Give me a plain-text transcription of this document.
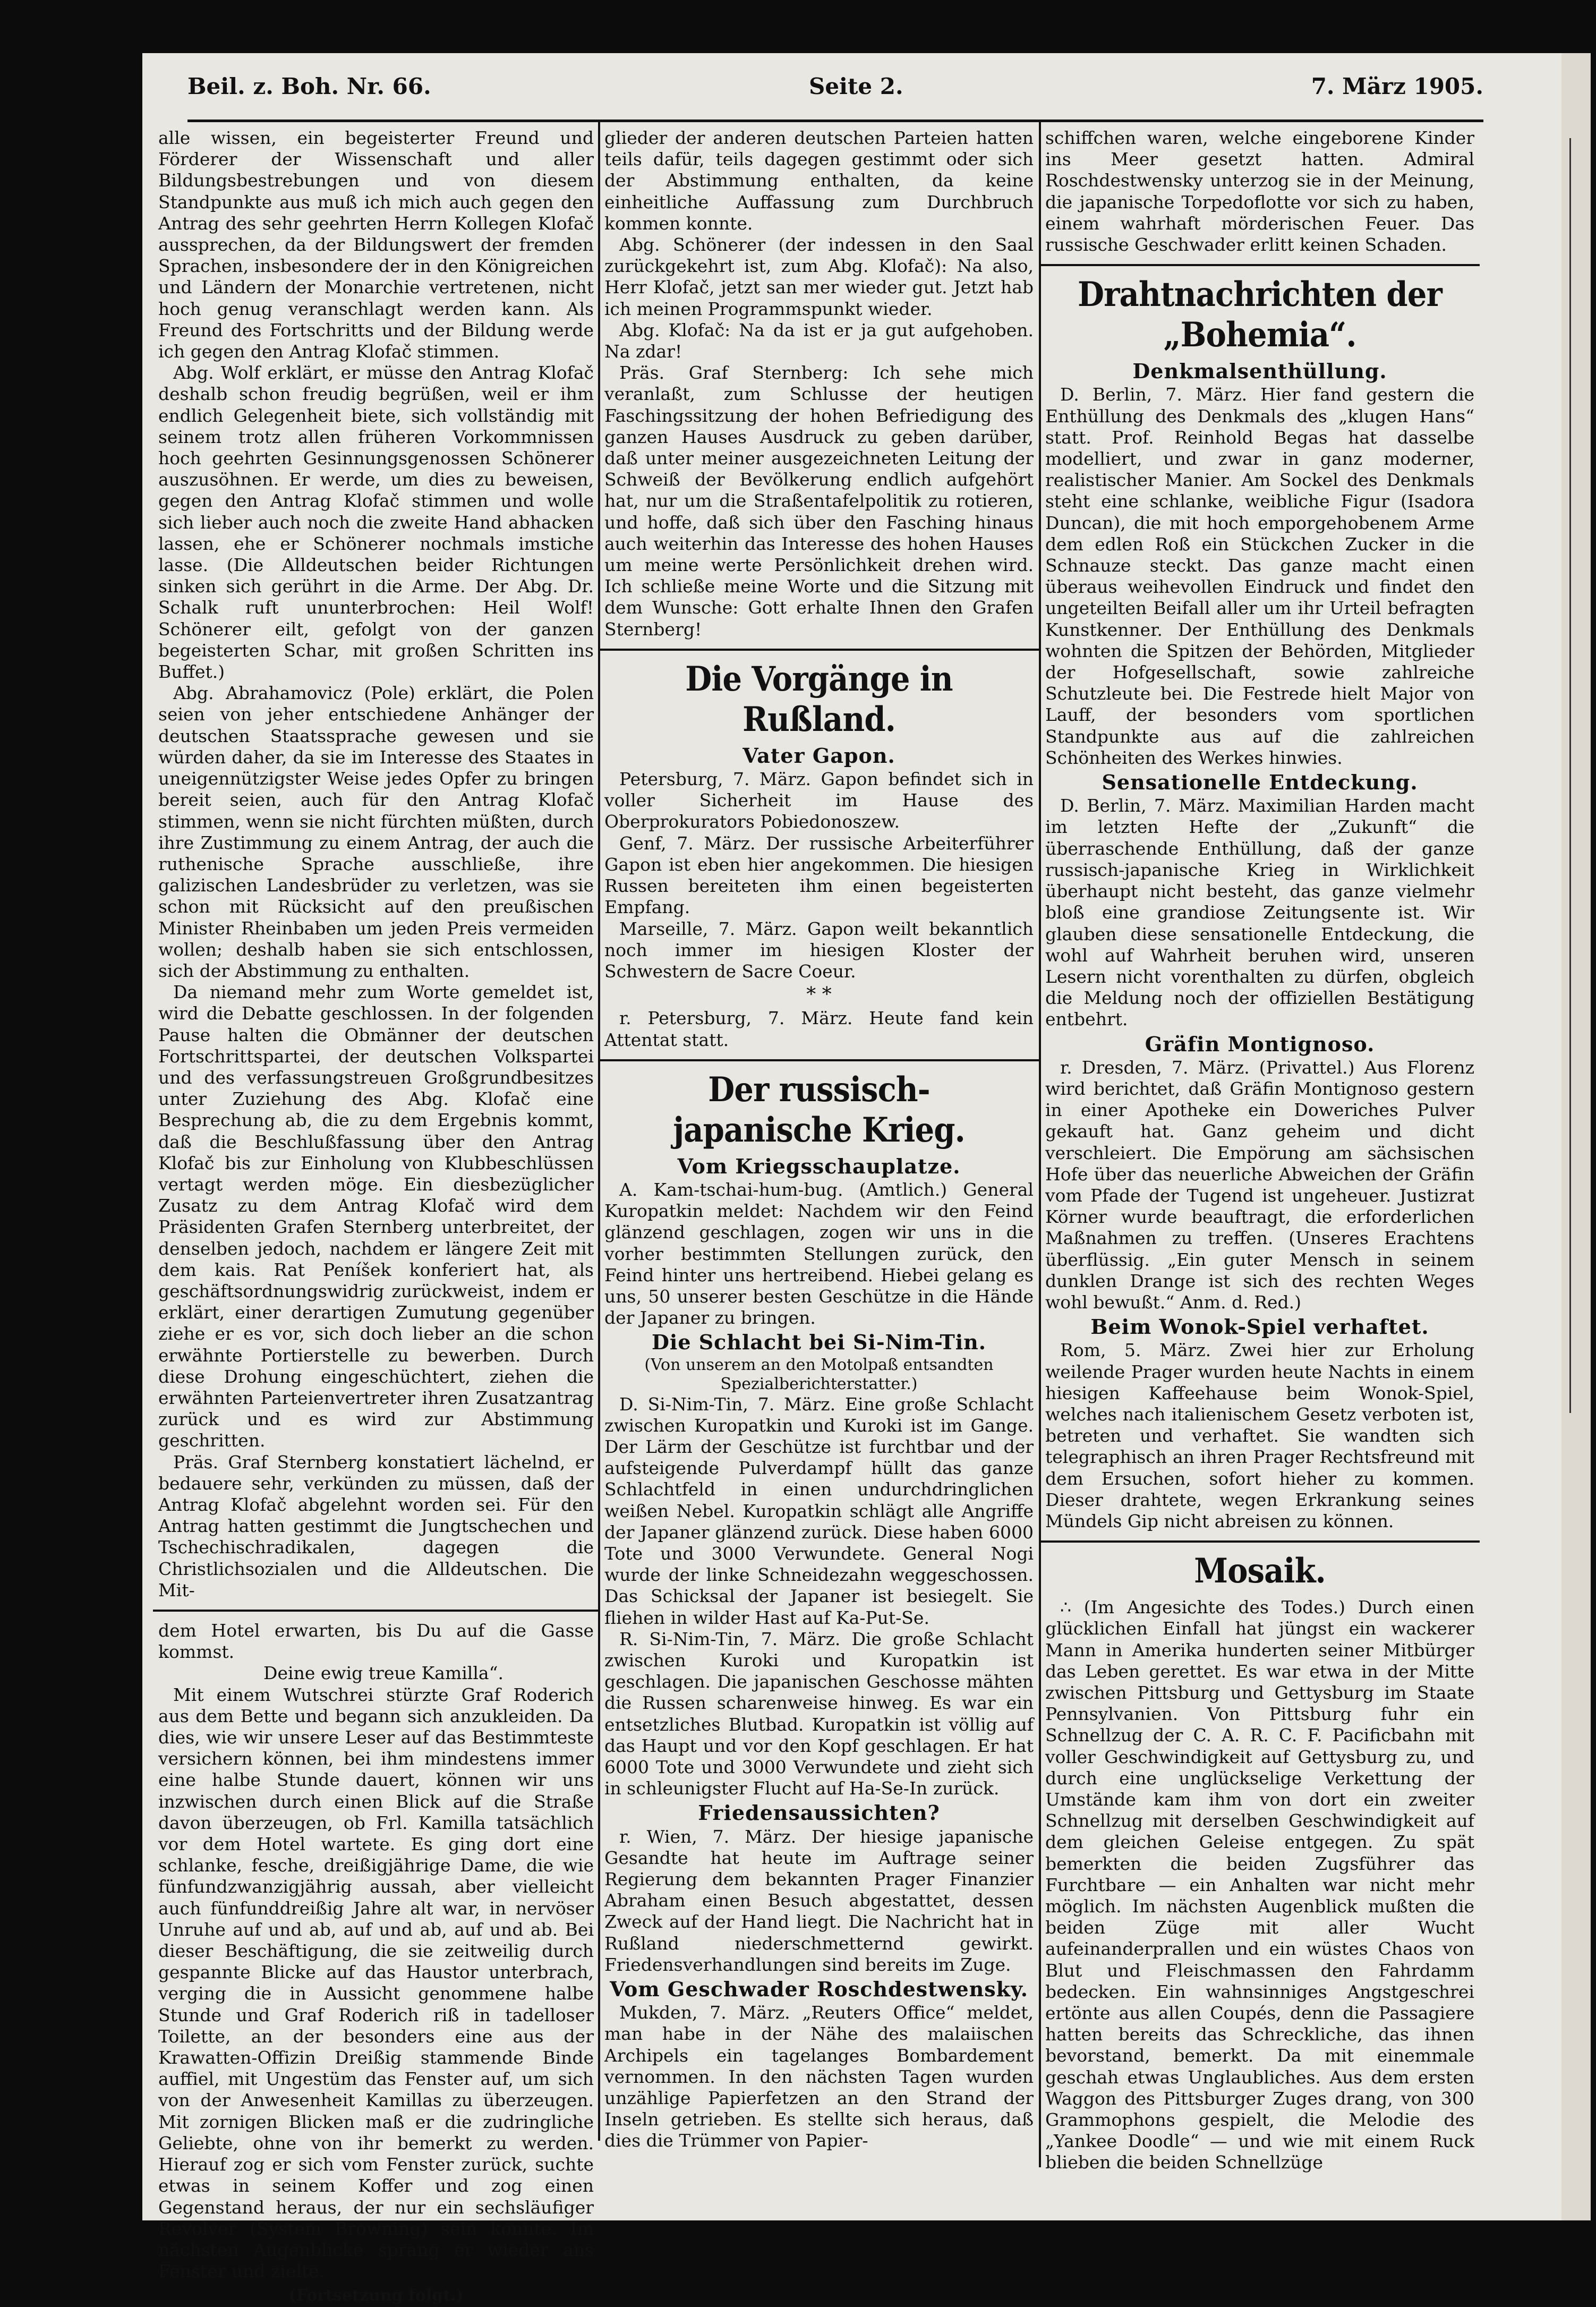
Beil. z. Boh. Nr. 66.	Seite 2.	7. März 1905.

alle wissen, ein begeisterter Freund und Förderer der Wissenschaft und aller Bildungsbestrebungen und von diesem Standpunkte aus muß ich mich auch gegen den Antrag des sehr geehrten Herrn Kollegen Klofač aussprechen, da der Bildungswert der fremden Sprachen, insbesondere der in den Königreichen und Ländern der Monarchie vertretenen, nicht hoch genug veranschlagt werden kann. Als Freund des Fortschritts und der Bildung werde ich gegen den Antrag Klofač stimmen.

Abg. Wolf erklärt, er müsse den Antrag Klofač deshalb schon freudig begrüßen, weil er ihm endlich Gelegenheit biete, sich vollständig mit seinem trotz allen früheren Vorkommnissen hoch geehrten Gesinnungsgenossen Schönerer auszusöhnen. Er werde, um dies zu beweisen, gegen den Antrag Klofač stimmen und wolle sich lieber auch noch die zweite Hand abhacken lassen, ehe er Schönerer nochmals imstiche lasse. (Die Alldeutschen beider Richtungen sinken sich gerührt in die Arme. Der Abg. Dr. Schalk ruft ununterbrochen: Heil Wolf! Schönerer eilt, gefolgt von der ganzen begeisterten Schar, mit großen Schritten ins Buffet.)

Abg. Abrahamovicz (Pole) erklärt, die Polen seien von jeher entschiedene Anhänger der deutschen Staatssprache gewesen und sie würden daher, da sie im Interesse des Staates in uneigennützigster Weise jedes Opfer zu bringen bereit seien, auch für den Antrag Klofač stimmen, wenn sie nicht fürchten müßten, durch ihre Zustimmung zu einem Antrag, der auch die ruthenische Sprache ausschließe, ihre galizischen Landesbrüder zu verletzen, was sie schon mit Rücksicht auf den preußischen Minister Rheinbaben um jeden Preis vermeiden wollen; deshalb haben sie sich entschlossen, sich der Abstimmung zu enthalten.

Da niemand mehr zum Worte gemeldet ist, wird die Debatte geschlossen. In der folgenden Pause halten die Obmänner der deutschen Fortschrittspartei, der deutschen Volkspartei und des verfassungstreuen Großgrundbesitzes unter Zuziehung des Abg. Klofač eine Besprechung ab, die zu dem Ergebnis kommt, daß die Beschlußfassung über den Antrag Klofač bis zur Einholung von Klubbeschlüssen vertagt werden möge. Ein diesbezüglicher Zusatz zu dem Antrag Klofač wird dem Präsidenten Grafen Sternberg unterbreitet, der denselben jedoch, nachdem er längere Zeit mit dem kais. Rat Peníšek konferiert hat, als geschäftsordnungswidrig zurückweist, indem er erklärt, einer derartigen Zumutung gegenüber ziehe er es vor, sich doch lieber an die schon erwähnte Portierstelle zu bewerben. Durch diese Drohung eingeschüchtert, ziehen die erwähnten Parteienvertreter ihren Zusatzantrag zurück und es wird zur Abstimmung geschritten.

Präs. Graf Sternberg konstatiert lächelnd, er bedauere sehr, verkünden zu müssen, daß der Antrag Klofač abgelehnt worden sei. Für den Antrag hatten gestimmt die Jungtschechen und Tschechischradikalen, dagegen die Christlichsozialen und die Alldeutschen. Die Mit-

dem Hotel erwarten, bis Du auf die Gasse kommst.

Deine ewig treue Kamilla“.

Mit einem Wutschrei stürzte Graf Roderich aus dem Bette und begann sich anzukleiden. Da dies, wie wir unsere Leser auf das Bestimmteste versichern können, bei ihm mindestens immer eine halbe Stunde dauert, können wir uns inzwischen durch einen Blick auf die Straße davon überzeugen, ob Frl. Kamilla tatsächlich vor dem Hotel wartete. Es ging dort eine schlanke, fesche, dreißigjährige Dame, die wie fünfundzwanzigjährig aussah, aber vielleicht auch fünfunddreißig Jahre alt war, in nervöser Unruhe auf und ab, auf und ab, auf und ab. Bei dieser Beschäftigung, die sie zeitweilig durch gespannte Blicke auf das Haustor unterbrach, verging die in Aussicht genommene halbe Stunde und Graf Roderich riß in tadelloser Toilette, an der besonders eine aus der Krawatten-Offizin Dreißig stammende Binde auffiel, mit Ungestüm das Fenster auf, um sich von der Anwesenheit Kamillas zu überzeugen. Mit zornigen Blicken maß er die zudringliche Geliebte, ohne von ihr bemerkt zu werden. Hierauf zog er sich vom Fenster zurück, suchte etwas in seinem Koffer und zog einen Gegenstand heraus, der nur ein sechsläufiger Revolver (System Browning) sein konnte. Im nächsten Augenblicke sprang er wieder ans Fenster und zielte.

(Fortsetzung folgt.)

glieder der anderen deutschen Parteien hatten teils dafür, teils dagegen gestimmt oder sich der Abstimmung enthalten, da keine einheitliche Auffassung zum Durchbruch kommen konnte.

Abg. Schönerer (der indessen in den Saal zurückgekehrt ist, zum Abg. Klofač): Na also, Herr Klofač, jetzt san mer wieder gut. Jetzt hab ich meinen Programmspunkt wieder.

Abg. Klofač: Na da ist er ja gut aufgehoben. Na zdar!

Präs. Graf Sternberg: Ich sehe mich veranlaßt, zum Schlusse der heutigen Faschingssitzung der hohen Befriedigung des ganzen Hauses Ausdruck zu geben darüber, daß unter meiner ausgezeichneten Leitung der Schweiß der Bevölkerung endlich aufgehört hat, nur um die Straßentafelpolitik zu rotieren, und hoffe, daß sich über den Fasching hinaus auch weiterhin das Interesse des hohen Hauses um meine werte Persönlichkeit drehen wird. Ich schließe meine Worte und die Sitzung mit dem Wunsche: Gott erhalte Ihnen den Grafen Sternberg!

Die Vorgänge in Rußland.
Vater Gapon.

Petersburg, 7. März. Gapon befindet sich in voller Sicherheit im Hause des Oberprokurators Pobiedonoszew.

Genf, 7. März. Der russische Arbeiterführer Gapon ist eben hier angekommen. Die hiesigen Russen bereiteten ihm einen begeisterten Empfang.

Marseille, 7. März. Gapon weilt bekanntlich noch immer im hiesigen Kloster der Schwestern de Sacre Coeur.

* *

r. Petersburg, 7. März. Heute fand kein Attentat statt.

Der russisch-japanische Krieg.
Vom Kriegsschauplatze.

A. Kam-tschai-hum-bug. (Amtlich.) General Kuropatkin meldet: Nachdem wir den Feind glänzend geschlagen, zogen wir uns in die vorher bestimmten Stellungen zurück, den Feind hinter uns hertreibend. Hiebei gelang es uns, 50 unserer besten Geschütze in die Hände der Japaner zu bringen.

Die Schlacht bei Si-Nim-Tin.
(Von unserem an den Motolpaß entsandten Spezialberichterstatter.)

D. Si-Nim-Tin, 7. März. Eine große Schlacht zwischen Kuropatkin und Kuroki ist im Gange. Der Lärm der Geschütze ist furchtbar und der aufsteigende Pulverdampf hüllt das ganze Schlachtfeld in einen undurchdringlichen weißen Nebel. Kuropatkin schlägt alle Angriffe der Japaner glänzend zurück. Diese haben 6000 Tote und 3000 Verwundete. General Nogi wurde der linke Schneidezahn weggeschossen. Das Schicksal der Japaner ist besiegelt. Sie fliehen in wilder Hast auf Ka-Put-Se.

R. Si-Nim-Tin, 7. März. Die große Schlacht zwischen Kuroki und Kuropatkin ist geschlagen. Die japanischen Geschosse mähten die Russen scharenweise hinweg. Es war ein entsetzliches Blutbad. Kuropatkin ist völlig auf das Haupt und vor den Kopf geschlagen. Er hat 6000 Tote und 3000 Verwundete und zieht sich in schleunigster Flucht auf Ha-Se-In zurück.

Friedensaussichten?

r. Wien, 7. März. Der hiesige japanische Gesandte hat heute im Auftrage seiner Regierung dem bekannten Prager Finanzier Abraham einen Besuch abgestattet, dessen Zweck auf der Hand liegt. Die Nachricht hat in Rußland niederschmetternd gewirkt. Friedensverhandlungen sind bereits im Zuge.

Vom Geschwader Roschdestwensky.

Mukden, 7. März. „Reuters Office“ meldet, man habe in der Nähe des malaiischen Archipels ein tagelanges Bombardement vernommen. In den nächsten Tagen wurden unzählige Papierfetzen an den Strand der Inseln getrieben. Es stellte sich heraus, daß dies die Trümmer von Papier-

schiffchen waren, welche eingeborene Kinder ins Meer gesetzt hatten. Admiral Roschdestwensky unterzog sie in der Meinung, die japanische Torpedoflotte vor sich zu haben, einem wahrhaft mörderischen Feuer. Das russische Geschwader erlitt keinen Schaden.

Drahtnachrichten der „Bohemia“.
Denkmalsenthüllung.

D. Berlin, 7. März. Hier fand gestern die Enthüllung des Denkmals des „klugen Hans“ statt. Prof. Reinhold Begas hat dasselbe modelliert, und zwar in ganz moderner, realistischer Manier. Am Sockel des Denkmals steht eine schlanke, weibliche Figur (Isadora Duncan), die mit hoch emporgehobenem Arme dem edlen Roß ein Stückchen Zucker in die Schnauze steckt. Das ganze macht einen überaus weihevollen Eindruck und findet den ungeteilten Beifall aller um ihr Urteil befragten Kunstkenner. Der Enthüllung des Denkmals wohnten die Spitzen der Behörden, Mitglieder der Hofgesellschaft, sowie zahlreiche Schutzleute bei. Die Festrede hielt Major von Lauff, der besonders vom sportlichen Standpunkte aus auf die zahlreichen Schönheiten des Werkes hinwies.

Sensationelle Entdeckung.

D. Berlin, 7. März. Maximilian Harden macht im letzten Hefte der „Zukunft“ die überraschende Enthüllung, daß der ganze russisch-japanische Krieg in Wirklichkeit überhaupt nicht besteht, das ganze vielmehr bloß eine grandiose Zeitungsente ist. Wir glauben diese sensationelle Entdeckung, die wohl auf Wahrheit beruhen wird, unseren Lesern nicht vorenthalten zu dürfen, obgleich die Meldung noch der offiziellen Bestätigung entbehrt.

Gräfin Montignoso.

r. Dresden, 7. März. (Privattel.) Aus Florenz wird berichtet, daß Gräfin Montignoso gestern in einer Apotheke ein Doweriches Pulver gekauft hat. Ganz geheim und dicht verschleiert. Die Empörung am sächsischen Hofe über das neuerliche Abweichen der Gräfin vom Pfade der Tugend ist ungeheuer. Justizrat Körner wurde beauftragt, die erforderlichen Maßnahmen zu treffen. (Unseres Erachtens überflüssig. „Ein guter Mensch in seinem dunklen Drange ist sich des rechten Weges wohl bewußt.“ Anm. d. Red.)

Beim Wonok-Spiel verhaftet.

Rom, 5. März. Zwei hier zur Erholung weilende Prager wurden heute Nachts in einem hiesigen Kaffeehause beim Wonok-Spiel, welches nach italienischem Gesetz verboten ist, betreten und verhaftet. Sie wandten sich telegraphisch an ihren Prager Rechtsfreund mit dem Ersuchen, sofort hieher zu kommen. Dieser drahtete, wegen Erkrankung seines Mündels Gip nicht abreisen zu können.

Mosaik.

∴ (Im Angesichte des Todes.) Durch einen glücklichen Einfall hat jüngst ein wackerer Mann in Amerika hunderten seiner Mitbürger das Leben gerettet. Es war etwa in der Mitte zwischen Pittsburg und Gettysburg im Staate Pennsylvanien. Von Pittsburg fuhr ein Schnellzug der C. A. R. C. F. Pacificbahn mit voller Geschwindigkeit auf Gettysburg zu, und durch eine unglückselige Verkettung der Umstände kam ihm von dort ein zweiter Schnellzug mit derselben Geschwindigkeit auf dem gleichen Geleise entgegen. Zu spät bemerkten die beiden Zugsführer das Furchtbare — ein Anhalten war nicht mehr möglich. Im nächsten Augenblick mußten die beiden Züge mit aller Wucht aufeinanderprallen und ein wüstes Chaos von Blut und Fleischmassen den Fahrdamm bedecken. Ein wahnsinniges Angstgeschrei ertönte aus allen Coupés, denn die Passagiere hatten bereits das Schreckliche, das ihnen bevorstand, bemerkt. Da mit einemmale geschah etwas Unglaubliches. Aus dem ersten Waggon des Pittsburger Zuges drang, von 300 Grammophons gespielt, die Melodie des „Yankee Doodle“ — und wie mit einem Ruck blieben die beiden Schnellzüge
